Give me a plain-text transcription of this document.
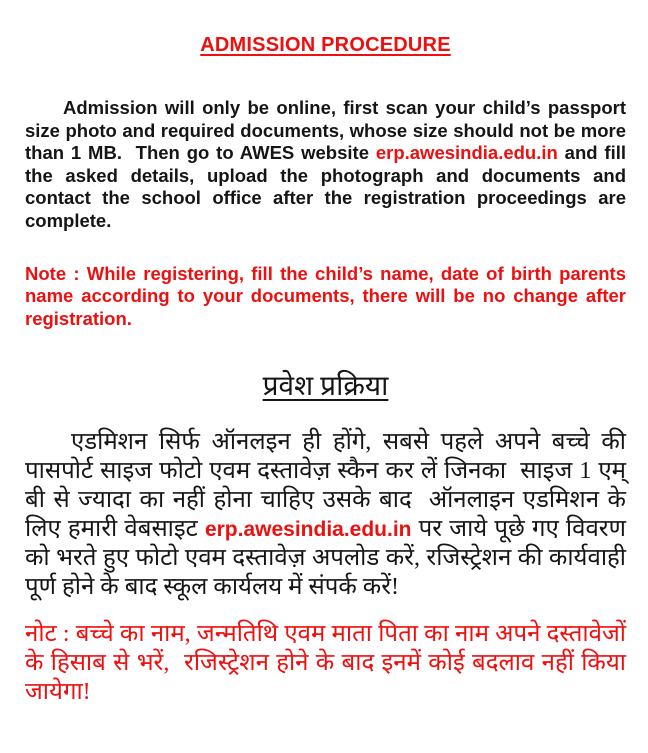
ADMISSION PROCEDURE

Admission will only be online, first scan your child’s passport size photo and required documents, whose size should not be more than 1 MB.  Then go to AWES website erp.awesindia.edu.in and fill the asked details, upload the photograph and documents and contact the school office after the registration proceedings are complete.

Note : While registering, fill the child’s name, date of birth parents name according to your documents, there will be no change after registration.

प्रवेश प्रक्रिया

एडमिशन सिर्फ ऑनलइन ही होंगे, सबसे पहले अपने बच्चे की पासपोर्ट साइज फोटो एवम दस्तावेज़ स्कैन कर लें जिनका  साइज 1 एम् बी से ज्यादा का नहीं होना चाहिए उसके बाद  ऑनलाइन एडमिशन के लिए हमारी वेबसाइट erp.awesindia.edu.in पर जाये पूछे गए विवरण को भरते हुए फोटो एवम दस्तावेज़ अपलोड करें, रजिस्ट्रेशन की कार्यवाही पूर्ण होने के बाद स्कूल कार्यलय में संपर्क करें!

नोट : बच्चे का नाम, जन्मतिथि एवम माता पिता का नाम अपने दस्तावेजों के हिसाब से भरें,  रजिस्ट्रेशन होने के बाद इनमें कोई बदलाव नहीं किया जायेगा!
